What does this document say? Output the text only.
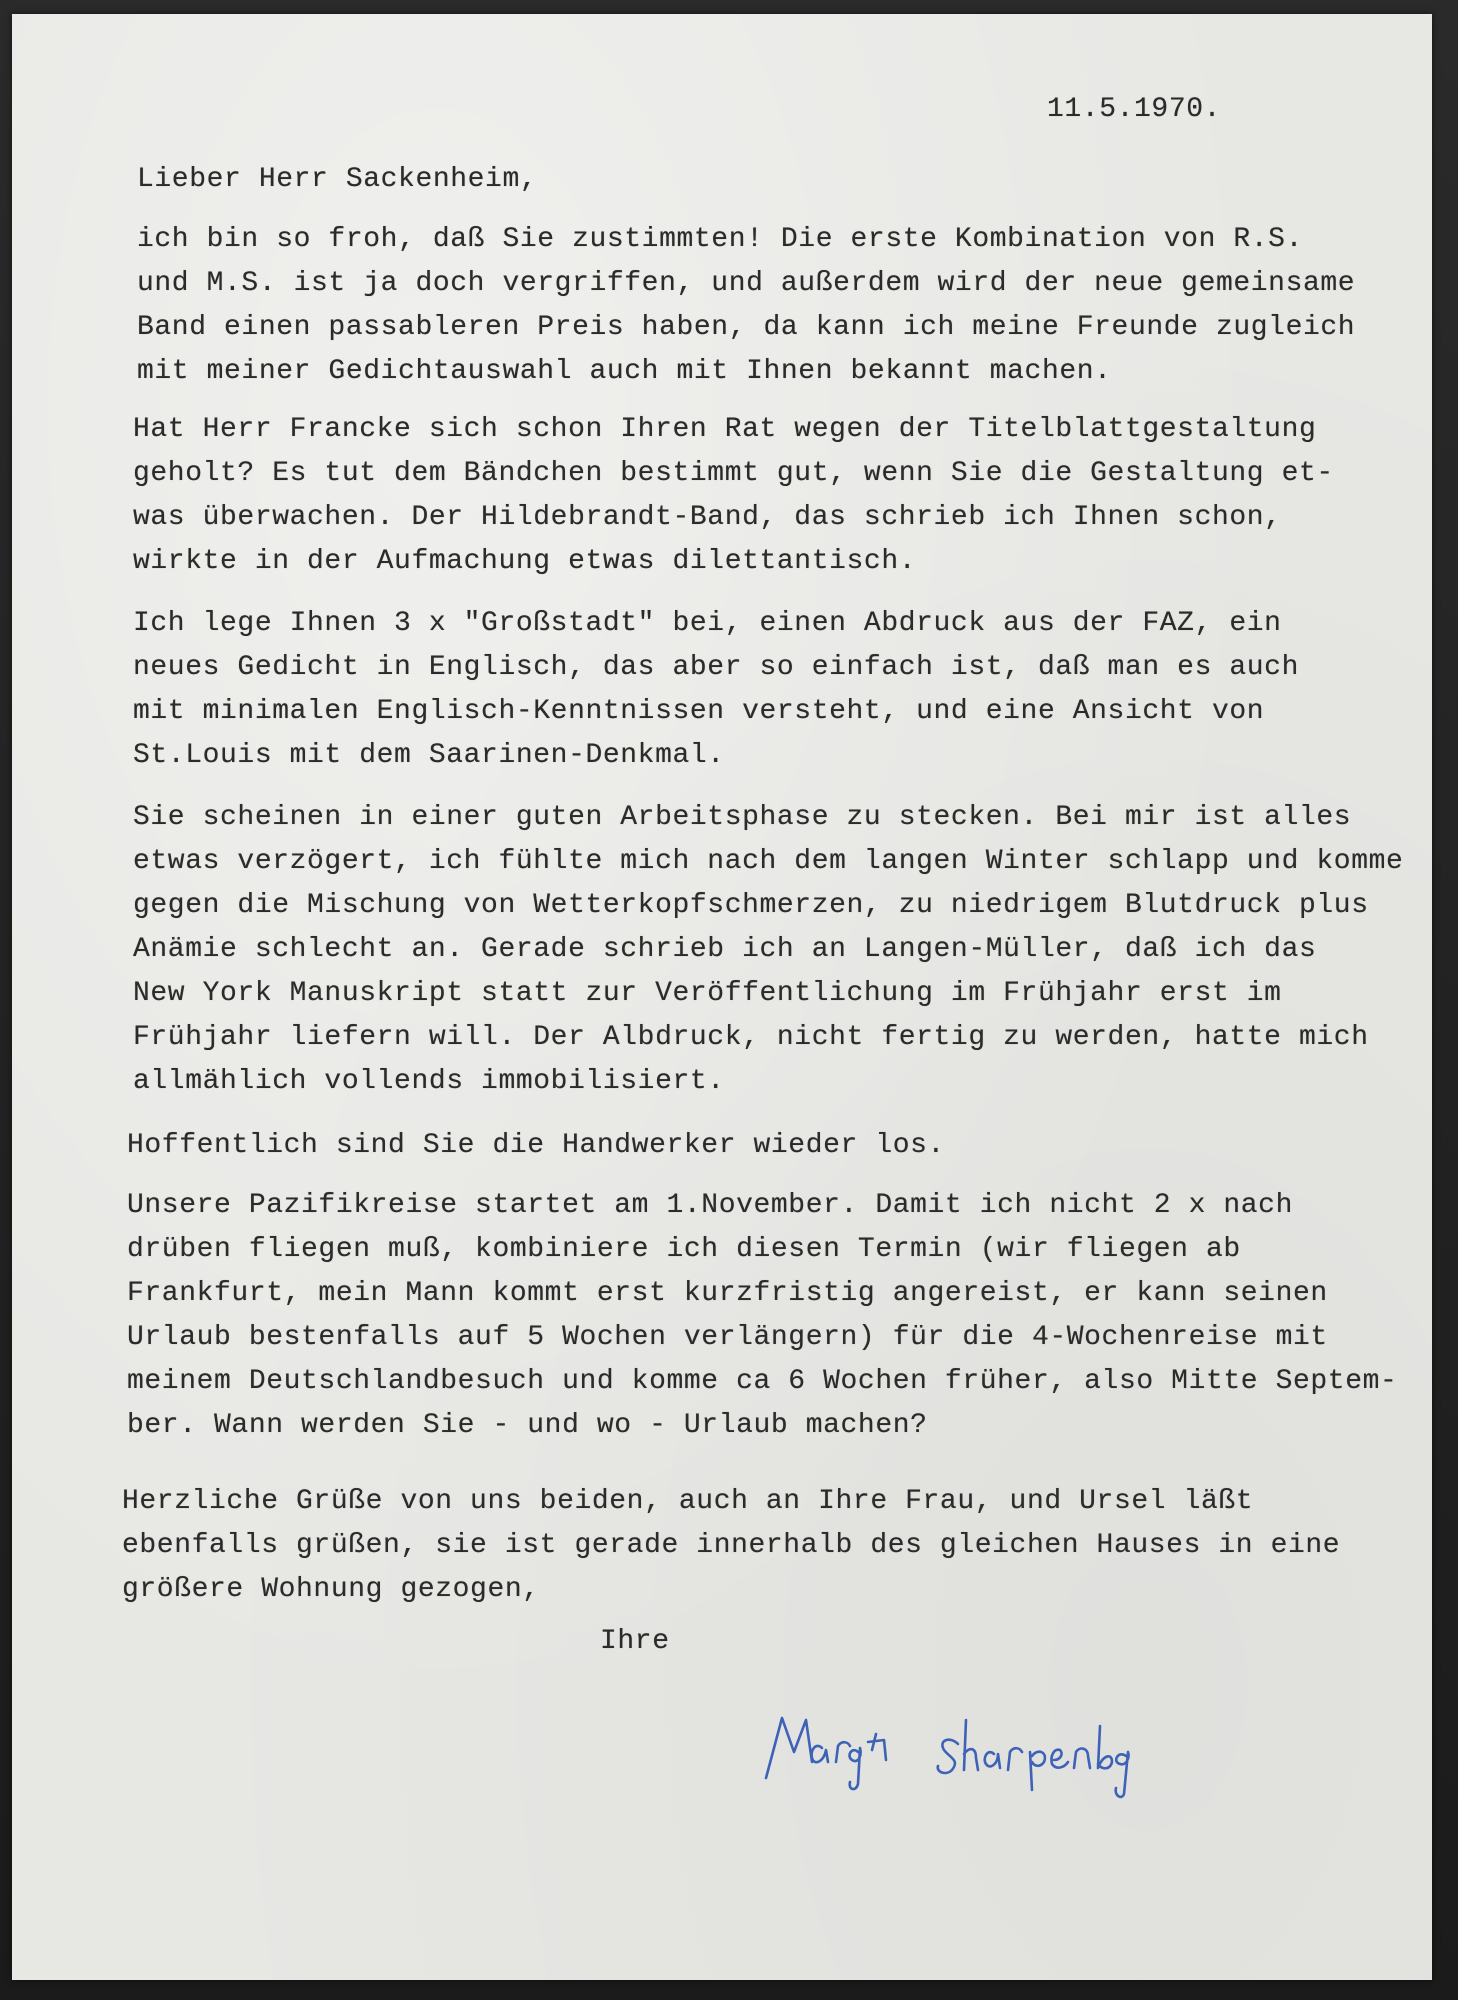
11.5.1970.

Lieber Herr Sackenheim,

ich bin so froh, daß Sie zustimmten! Die erste Kombination von R.S.
und M.S. ist ja doch vergriffen, und außerdem wird der neue gemeinsame
Band einen passableren Preis haben, da kann ich meine Freunde zugleich
mit meiner Gedichtauswahl auch mit Ihnen bekannt machen.

Hat Herr Francke sich schon Ihren Rat wegen der Titelblattgestaltung
geholt? Es tut dem Bändchen bestimmt gut, wenn Sie die Gestaltung et-
was überwachen. Der Hildebrandt-Band, das schrieb ich Ihnen schon,
wirkte in der Aufmachung etwas dilettantisch.

Ich lege Ihnen 3 x "Großstadt" bei, einen Abdruck aus der FAZ, ein
neues Gedicht in Englisch, das aber so einfach ist, daß man es auch
mit minimalen Englisch-Kenntnissen versteht, und eine Ansicht von
St.Louis mit dem Saarinen-Denkmal.

Sie scheinen in einer guten Arbeitsphase zu stecken. Bei mir ist alles
etwas verzögert, ich fühlte mich nach dem langen Winter schlapp und komme
gegen die Mischung von Wetterkopfschmerzen, zu niedrigem Blutdruck plus
Anämie schlecht an. Gerade schrieb ich an Langen-Müller, daß ich das
New York Manuskript statt zur Veröffentlichung im Frühjahr erst im
Frühjahr liefern will. Der Albdruck, nicht fertig zu werden, hatte mich
allmählich vollends immobilisiert.

Hoffentlich sind Sie die Handwerker wieder los.

Unsere Pazifikreise startet am 1.November. Damit ich nicht 2 x nach
drüben fliegen muß, kombiniere ich diesen Termin (wir fliegen ab
Frankfurt, mein Mann kommt erst kurzfristig angereist, er kann seinen
Urlaub bestenfalls auf 5 Wochen verlängern) für die 4-Wochenreise mit
meinem Deutschlandbesuch und komme ca 6 Wochen früher, also Mitte Septem-
ber. Wann werden Sie - und wo - Urlaub machen?

Herzliche Grüße von uns beiden, auch an Ihre Frau, und Ursel läßt
ebenfalls grüßen, sie ist gerade innerhalb des gleichen Hauses in eine
größere Wohnung gezogen,

Ihre
